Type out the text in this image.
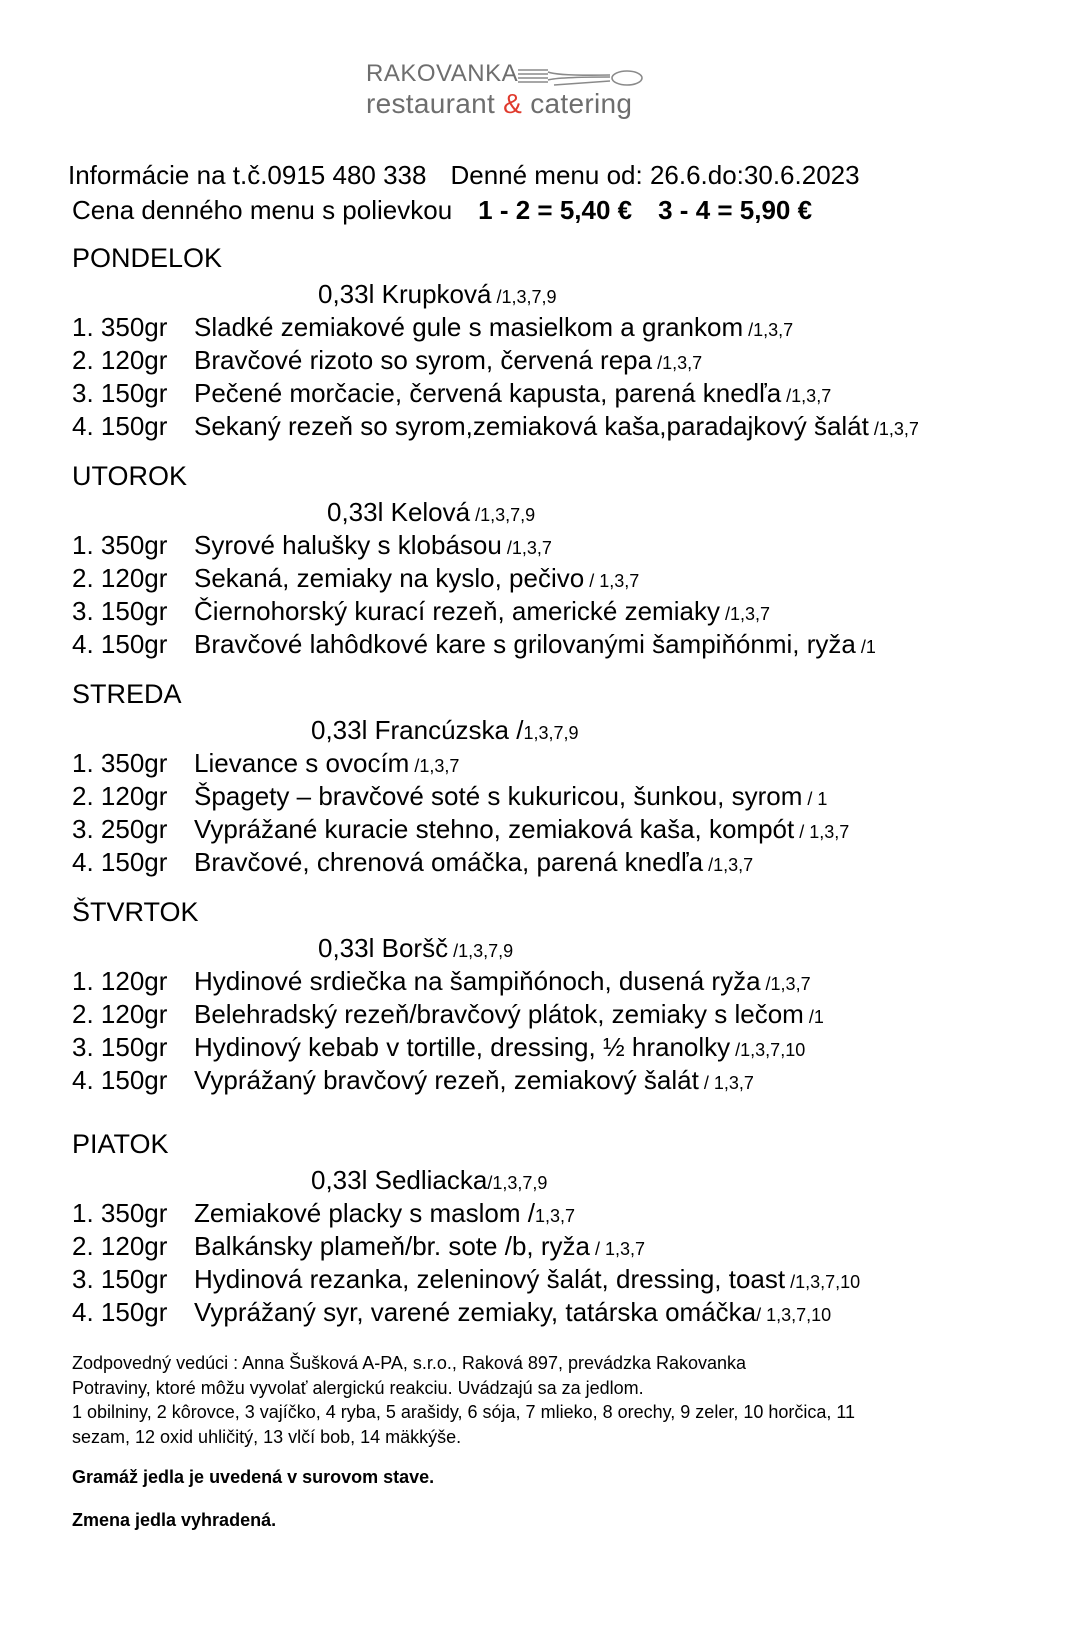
RAKOVANKA
restaurant & catering
Informácie na t.č.0915 480 338 Denné menu od: 26.6.do:30.6.2023
Cena denného menu s polievkou 1 - 2 = 5,40 € 3 - 4 = 5,90 €
PONDELOK
0,33l Krupková /1,3,7,9
1. 350gr Sladké zemiakové gule s masielkom a grankom /1,3,7
2. 120gr Bravčové rizoto so syrom, červená repa /1,3,7
3. 150gr Pečené morčacie, červená kapusta, parená knedľa /1,3,7
4. 150gr Sekaný rezeň so syrom,zemiaková kaša,paradajkový šalát /1,3,7
UTOROK
0,33l Kelová /1,3,7,9
1. 350gr Syrové halušky s klobásou /1,3,7
2. 120gr Sekaná, zemiaky na kyslo, pečivo / 1,3,7
3. 150gr Čiernohorský kurací rezeň, americké zemiaky /1,3,7
4. 150gr Bravčové lahôdkové kare s grilovanými šampiňónmi, ryža /1
STREDA
0,33l Francúzska /1,3,7,9
1. 350gr Lievance s ovocím /1,3,7
2. 120gr Špagety – bravčové soté s kukuricou, šunkou, syrom / 1
3. 250gr Vyprážané kuracie stehno, zemiaková kaša, kompót / 1,3,7
4. 150gr Bravčové, chrenová omáčka, parená knedľa /1,3,7
ŠTVRTOK
0,33l Boršč /1,3,7,9
1. 120gr Hydinové srdiečka na šampiňónoch, dusená ryža /1,3,7
2. 120gr Belehradský rezeň/bravčový plátok, zemiaky s lečom /1
3. 150gr Hydinový kebab v tortille, dressing, ½ hranolky /1,3,7,10
4. 150gr Vyprážaný bravčový rezeň, zemiakový šalát / 1,3,7
PIATOK
0,33l Sedliacka/1,3,7,9
1. 350gr Zemiakové placky s maslom /1,3,7
2. 120gr Balkánsky plameň/br. sote /b, ryža / 1,3,7
3. 150gr Hydinová rezanka, zeleninový šalát, dressing, toast /1,3,7,10
4. 150gr Vyprážaný syr, varené zemiaky, tatárska omáčka/ 1,3,7,10
Zodpovedný vedúci : Anna Šušková A-PA, s.r.o., Raková 897, prevádzka Rakovanka
Potraviny, ktoré môžu vyvolať alergickú reakciu. Uvádzajú sa za jedlom.
1 obilniny, 2 kôrovce, 3 vajíčko, 4 ryba, 5 arašidy, 6 sója, 7 mlieko, 8 orechy, 9 zeler, 10 horčica, 11
sezam, 12 oxid uhličitý, 13 vlčí bob, 14 mäkkýše.
Gramáž jedla je uvedená v surovom stave.
Zmena jedla vyhradená.
